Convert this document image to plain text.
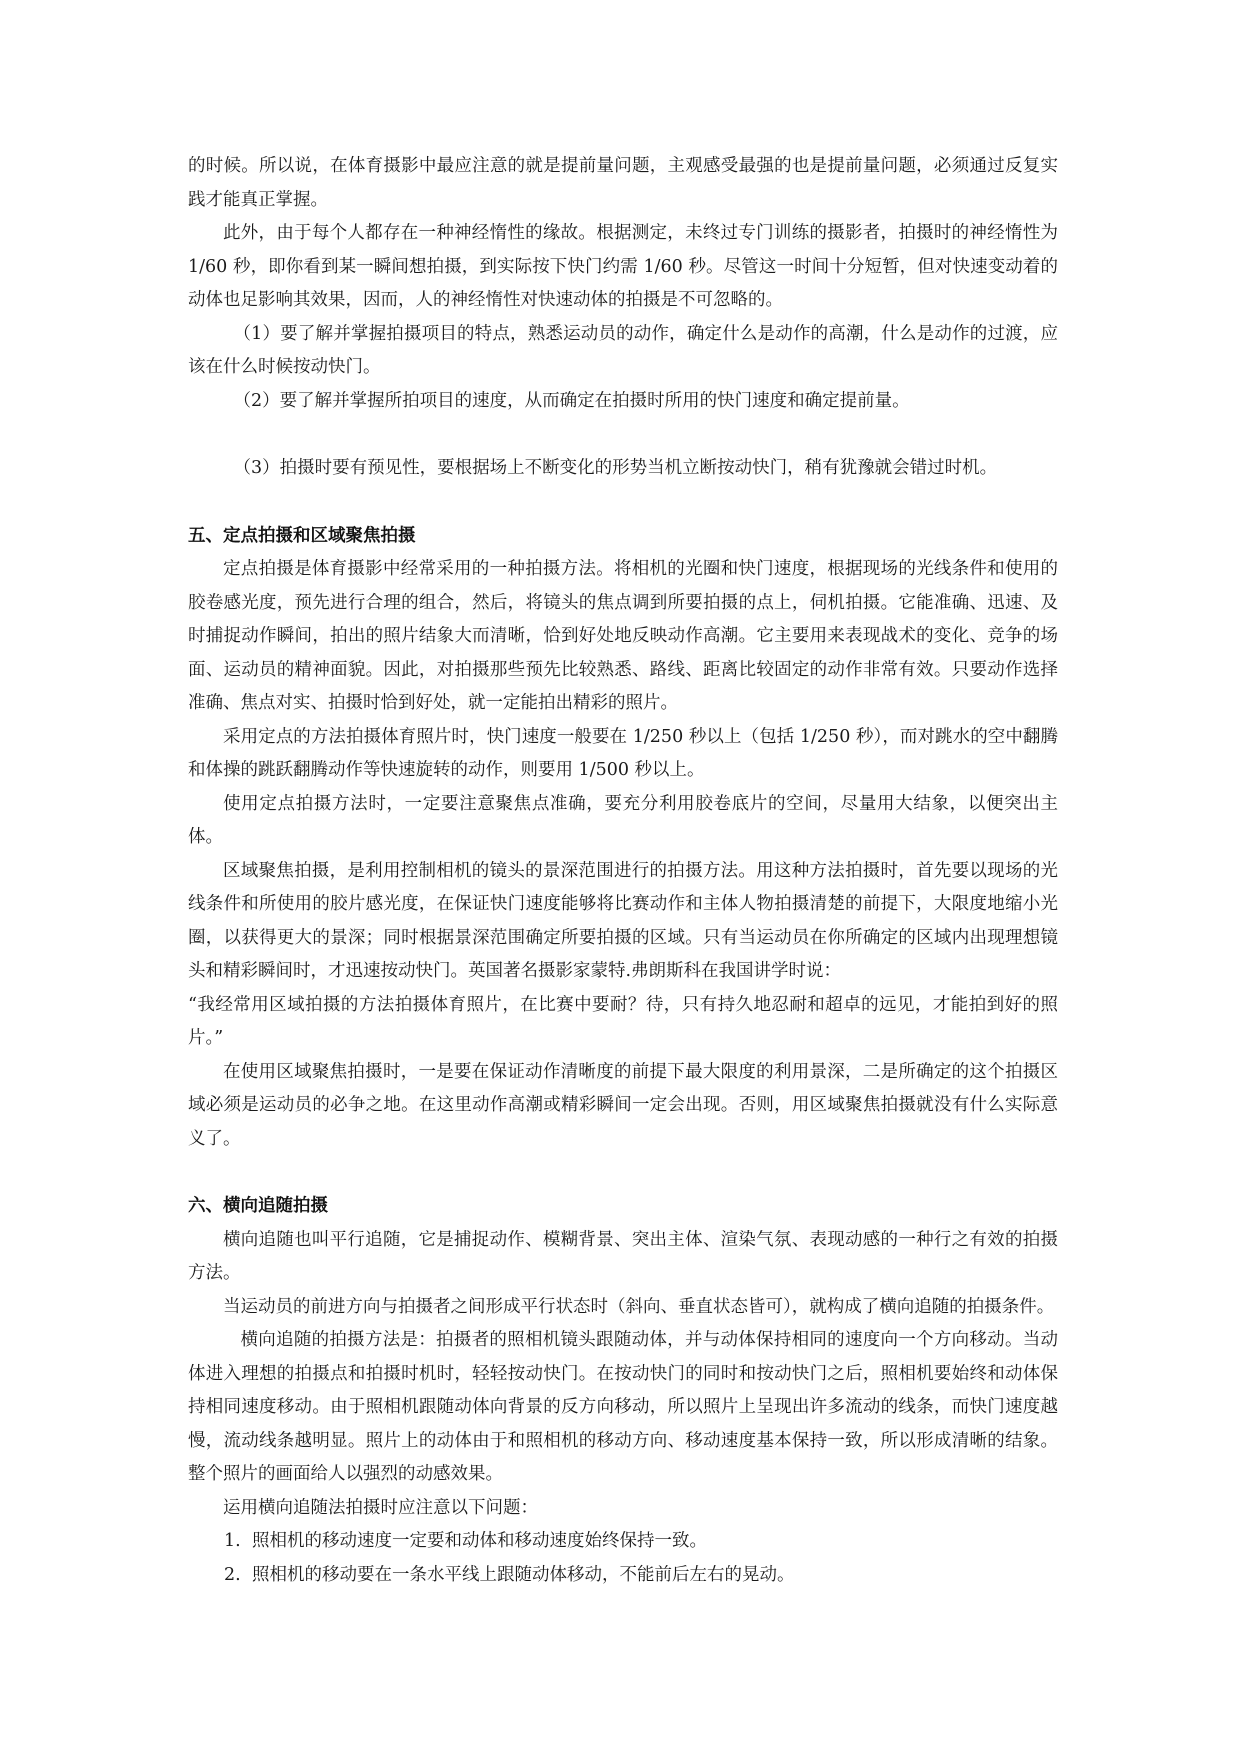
的时候。所以说，在体育摄影中最应注意的就是提前量问题，主观感受最强的也是提前量问题，必须通过反复实践才能真正掌握。

此外，由于每个人都存在一种神经惰性的缘故。根据测定，未终过专门训练的摄影者，拍摄时的神经惰性为 1/60 秒，即你看到某一瞬间想拍摄，到实际按下快门约需 1/60 秒。尽管这一时间十分短暂，但对快速变动着的动体也足影响其效果，因而，人的神经惰性对快速动体的拍摄是不可忽略的。

（1）要了解并掌握拍摄项目的特点，熟悉运动员的动作，确定什么是动作的高潮，什么是动作的过渡，应该在什么时候按动快门。

（2）要了解并掌握所拍项目的速度，从而确定在拍摄时所用的快门速度和确定提前量。

（3）拍摄时要有预见性，要根据场上不断变化的形势当机立断按动快门，稍有犹豫就会错过时机。

五、定点拍摄和区域聚焦拍摄

定点拍摄是体育摄影中经常采用的一种拍摄方法。将相机的光圈和快门速度，根据现场的光线条件和使用的胶卷感光度，预先进行合理的组合，然后，将镜头的焦点调到所要拍摄的点上，伺机拍摄。它能准确、迅速、及时捕捉动作瞬间，拍出的照片结象大而清晰，恰到好处地反映动作高潮。它主要用来表现战术的变化、竞争的场面、运动员的精神面貌。因此，对拍摄那些预先比较熟悉、路线、距离比较固定的动作非常有效。只要动作选择准确、焦点对实、拍摄时恰到好处，就一定能拍出精彩的照片。

采用定点的方法拍摄体育照片时，快门速度一般要在 1/250 秒以上（包括 1/250 秒），而对跳水的空中翻腾和体操的跳跃翻腾动作等快速旋转的动作，则要用 1/500 秒以上。

使用定点拍摄方法时，一定要注意聚焦点准确，要充分利用胶卷底片的空间，尽量用大结象，以便突出主体。

区域聚焦拍摄，是利用控制相机的镜头的景深范围进行的拍摄方法。用这种方法拍摄时，首先要以现场的光线条件和所使用的胶片感光度，在保证快门速度能够将比赛动作和主体人物拍摄清楚的前提下，大限度地缩小光圈，以获得更大的景深；同时根据景深范围确定所要拍摄的区域。只有当运动员在你所确定的区域内出现理想镜头和精彩瞬间时，才迅速按动快门。英国著名摄影家蒙特.弗朗斯科在我国讲学时说：

“我经常用区域拍摄的方法拍摄体育照片，在比赛中要耐？待，只有持久地忍耐和超卓的远见，才能拍到好的照片。”

在使用区域聚焦拍摄时，一是要在保证动作清晰度的前提下最大限度的利用景深，二是所确定的这个拍摄区域必须是运动员的必争之地。在这里动作高潮或精彩瞬间一定会出现。否则，用区域聚焦拍摄就没有什么实际意义了。

六、横向追随拍摄

横向追随也叫平行追随，它是捕捉动作、模糊背景、突出主体、渲染气氛、表现动感的一种行之有效的拍摄方法。

当运动员的前进方向与拍摄者之间形成平行状态时（斜向、垂直状态皆可），就构成了横向追随的拍摄条件。

横向追随的拍摄方法是：拍摄者的照相机镜头跟随动体，并与动体保持相同的速度向一个方向移动。当动体进入理想的拍摄点和拍摄时机时，轻轻按动快门。在按动快门的同时和按动快门之后，照相机要始终和动体保持相同速度移动。由于照相机跟随动体向背景的反方向移动，所以照片上呈现出许多流动的线条，而快门速度越慢，流动线条越明显。照片上的动体由于和照相机的移动方向、移动速度基本保持一致，所以形成清晰的结象。整个照片的画面给人以强烈的动感效果。

运用横向追随法拍摄时应注意以下问题：

1. 照相机的移动速度一定要和动体和移动速度始终保持一致。
2. 照相机的移动要在一条水平线上跟随动体移动，不能前后左右的晃动。
